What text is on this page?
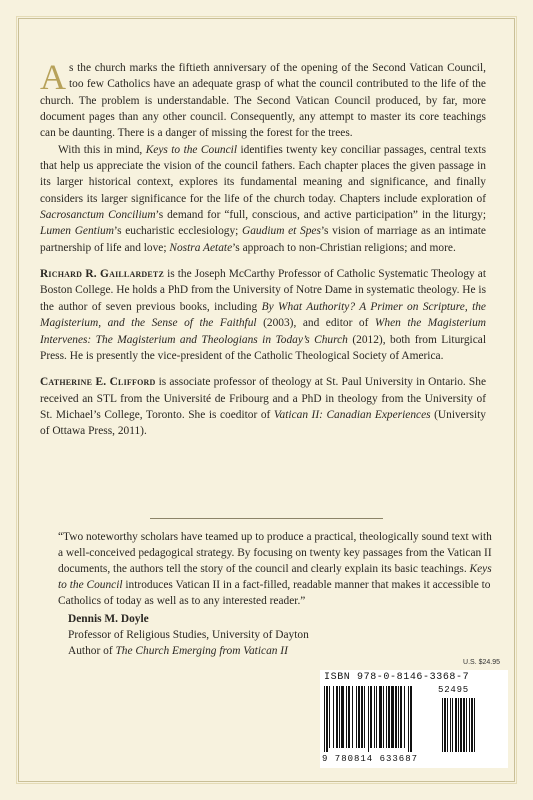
As the church marks the fiftieth anniversary of the opening of the Second Vatican Council, too few Catholics have an adequate grasp of what the council contributed to the life of the church. The problem is understandable. The Second Vatican Council produced, by far, more document pages than any other council. Consequently, any attempt to master its core teachings can be daunting. There is a danger of missing the forest for the trees.

With this in mind, Keys to the Council identifies twenty key conciliar passages, central texts that help us appreciate the vision of the council fathers. Each chapter places the given passage in its larger historical context, explores its fundamental meaning and significance, and finally considers its larger significance for the life of the church today. Chapters include exploration of Sacrosanctum Concilium’s demand for “full, conscious, and active participation” in the liturgy; Lumen Gentium’s eucharistic ecclesiology; Gaudium et Spes’s vision of marriage as an intimate partnership of life and love; Nostra Aetate’s approach to non-Christian religions; and more.

Richard R. Gaillardetz is the Joseph McCarthy Professor of Catholic Systematic Theology at Boston College. He holds a PhD from the University of Notre Dame in systematic theology. He is the author of seven previous books, including By What Authority? A Primer on Scripture, the Magisterium, and the Sense of the Faithful (2003), and editor of When the Magisterium Intervenes: The Magisterium and Theologians in Today’s Church (2012), both from Liturgical Press. He is presently the vice-president of the Catholic Theological Society of America.

Catherine E. Clifford is associate professor of theology at St. Paul University in Ontario. She received an STL from the Université de Fribourg and a PhD in theology from the University of St. Michael’s College, Toronto. She is coeditor of Vatican II: Canadian Experiences (University of Ottawa Press, 2011).

“Two noteworthy scholars have teamed up to produce a practical, theologically sound text with a well-conceived pedagogical strategy. By focusing on twenty key passages from the Vatican II documents, the authors tell the story of the council and clearly explain its basic teachings. Keys to the Council introduces Vatican II in a fact-filled, readable manner that makes it accessible to Catholics of today as well as to any interested reader.”

Dennis M. Doyle
Professor of Religious Studies, University of Dayton
Author of The Church Emerging from Vatican II
U.S. $24.95
ISBN 978-0-8146-3368-7
52495
9 780814 633687
